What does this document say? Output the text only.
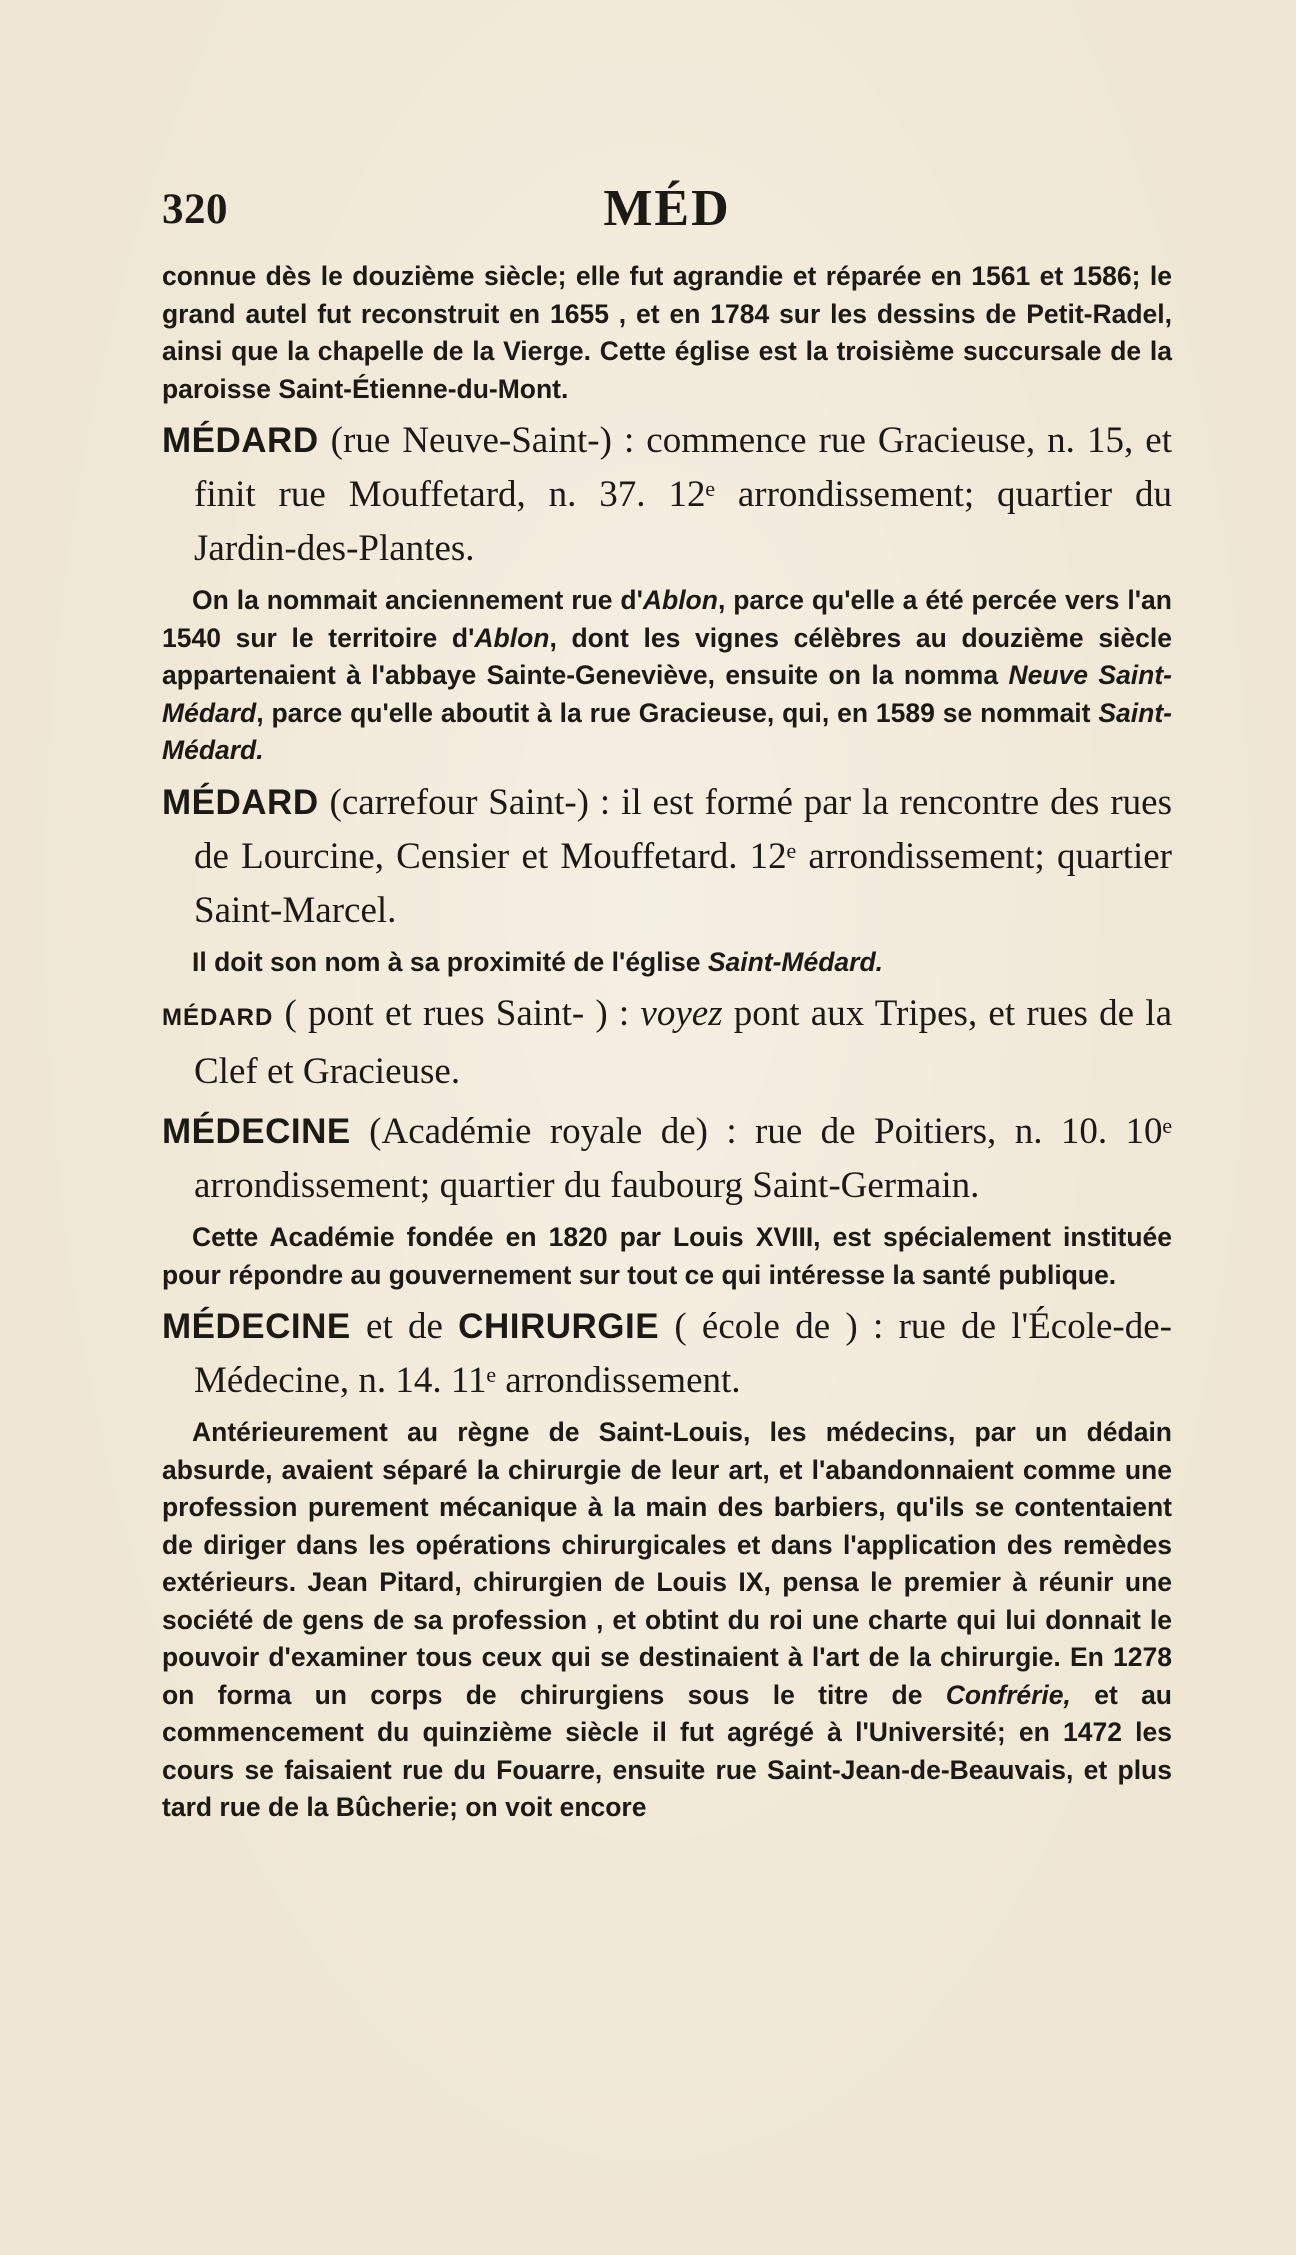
320	MÉD

connue dès le douzième siècle; elle fut agrandie et réparée en 1561 et 1586; le grand autel fut reconstruit en 1655 , et en 1784 sur les dessins de Petit-Radel, ainsi que la chapelle de la Vierge. Cette église est la troisième succursale de la paroisse Saint-Étienne-du-Mont.

MÉDARD (rue Neuve-Saint-) : commence rue Gracieuse, n. 15, et finit rue Mouffetard, n. 37. 12ᵉ arrondissement; quartier du Jardin-des-Plantes.

On la nommait anciennement rue d'Ablon, parce qu'elle a été percée vers l'an 1540 sur le territoire d'Ablon, dont les vignes célèbres au douzième siècle appartenaient à l'abbaye Sainte-Geneviève, ensuite on la nomma Neuve Saint-Médard, parce qu'elle aboutit à la rue Gracieuse, qui, en 1589 se nommait Saint-Médard.

MÉDARD (carrefour Saint-) : il est formé par la rencontre des rues de Lourcine, Censier et Mouffetard. 12ᵉ arrondissement; quartier Saint-Marcel.

Il doit son nom à sa proximité de l'église Saint-Médard.

MÉDARD ( pont et rues Saint- ) : voyez pont aux Tripes, et rues de la Clef et Gracieuse.

MÉDECINE (Académie royale de) : rue de Poitiers, n. 10. 10ᵉ arrondissement; quartier du faubourg Saint-Germain.

Cette Académie fondée en 1820 par Louis XVIII, est spécialement instituée pour répondre au gouvernement sur tout ce qui intéresse la santé publique.

MÉDECINE et de CHIRURGIE ( école de ) : rue de l'École-de-Médecine, n. 14. 11ᵉ arrondissement.

Antérieurement au règne de Saint-Louis, les médecins, par un dédain absurde, avaient séparé la chirurgie de leur art, et l'abandonnaient comme une profession purement mécanique à la main des barbiers, qu'ils se contentaient de diriger dans les opérations chirurgicales et dans l'application des remèdes extérieurs. Jean Pitard, chirurgien de Louis IX, pensa le premier à réunir une société de gens de sa profession , et obtint du roi une charte qui lui donnait le pouvoir d'examiner tous ceux qui se destinaient à l'art de la chirurgie. En 1278 on forma un corps de chirurgiens sous le titre de Confrérie, et au commencement du quinzième siècle il fut agrégé à l'Université; en 1472 les cours se faisaient rue du Fouarre, ensuite rue Saint-Jean-de-Beauvais, et plus tard rue de la Bûcherie; on voit encore
